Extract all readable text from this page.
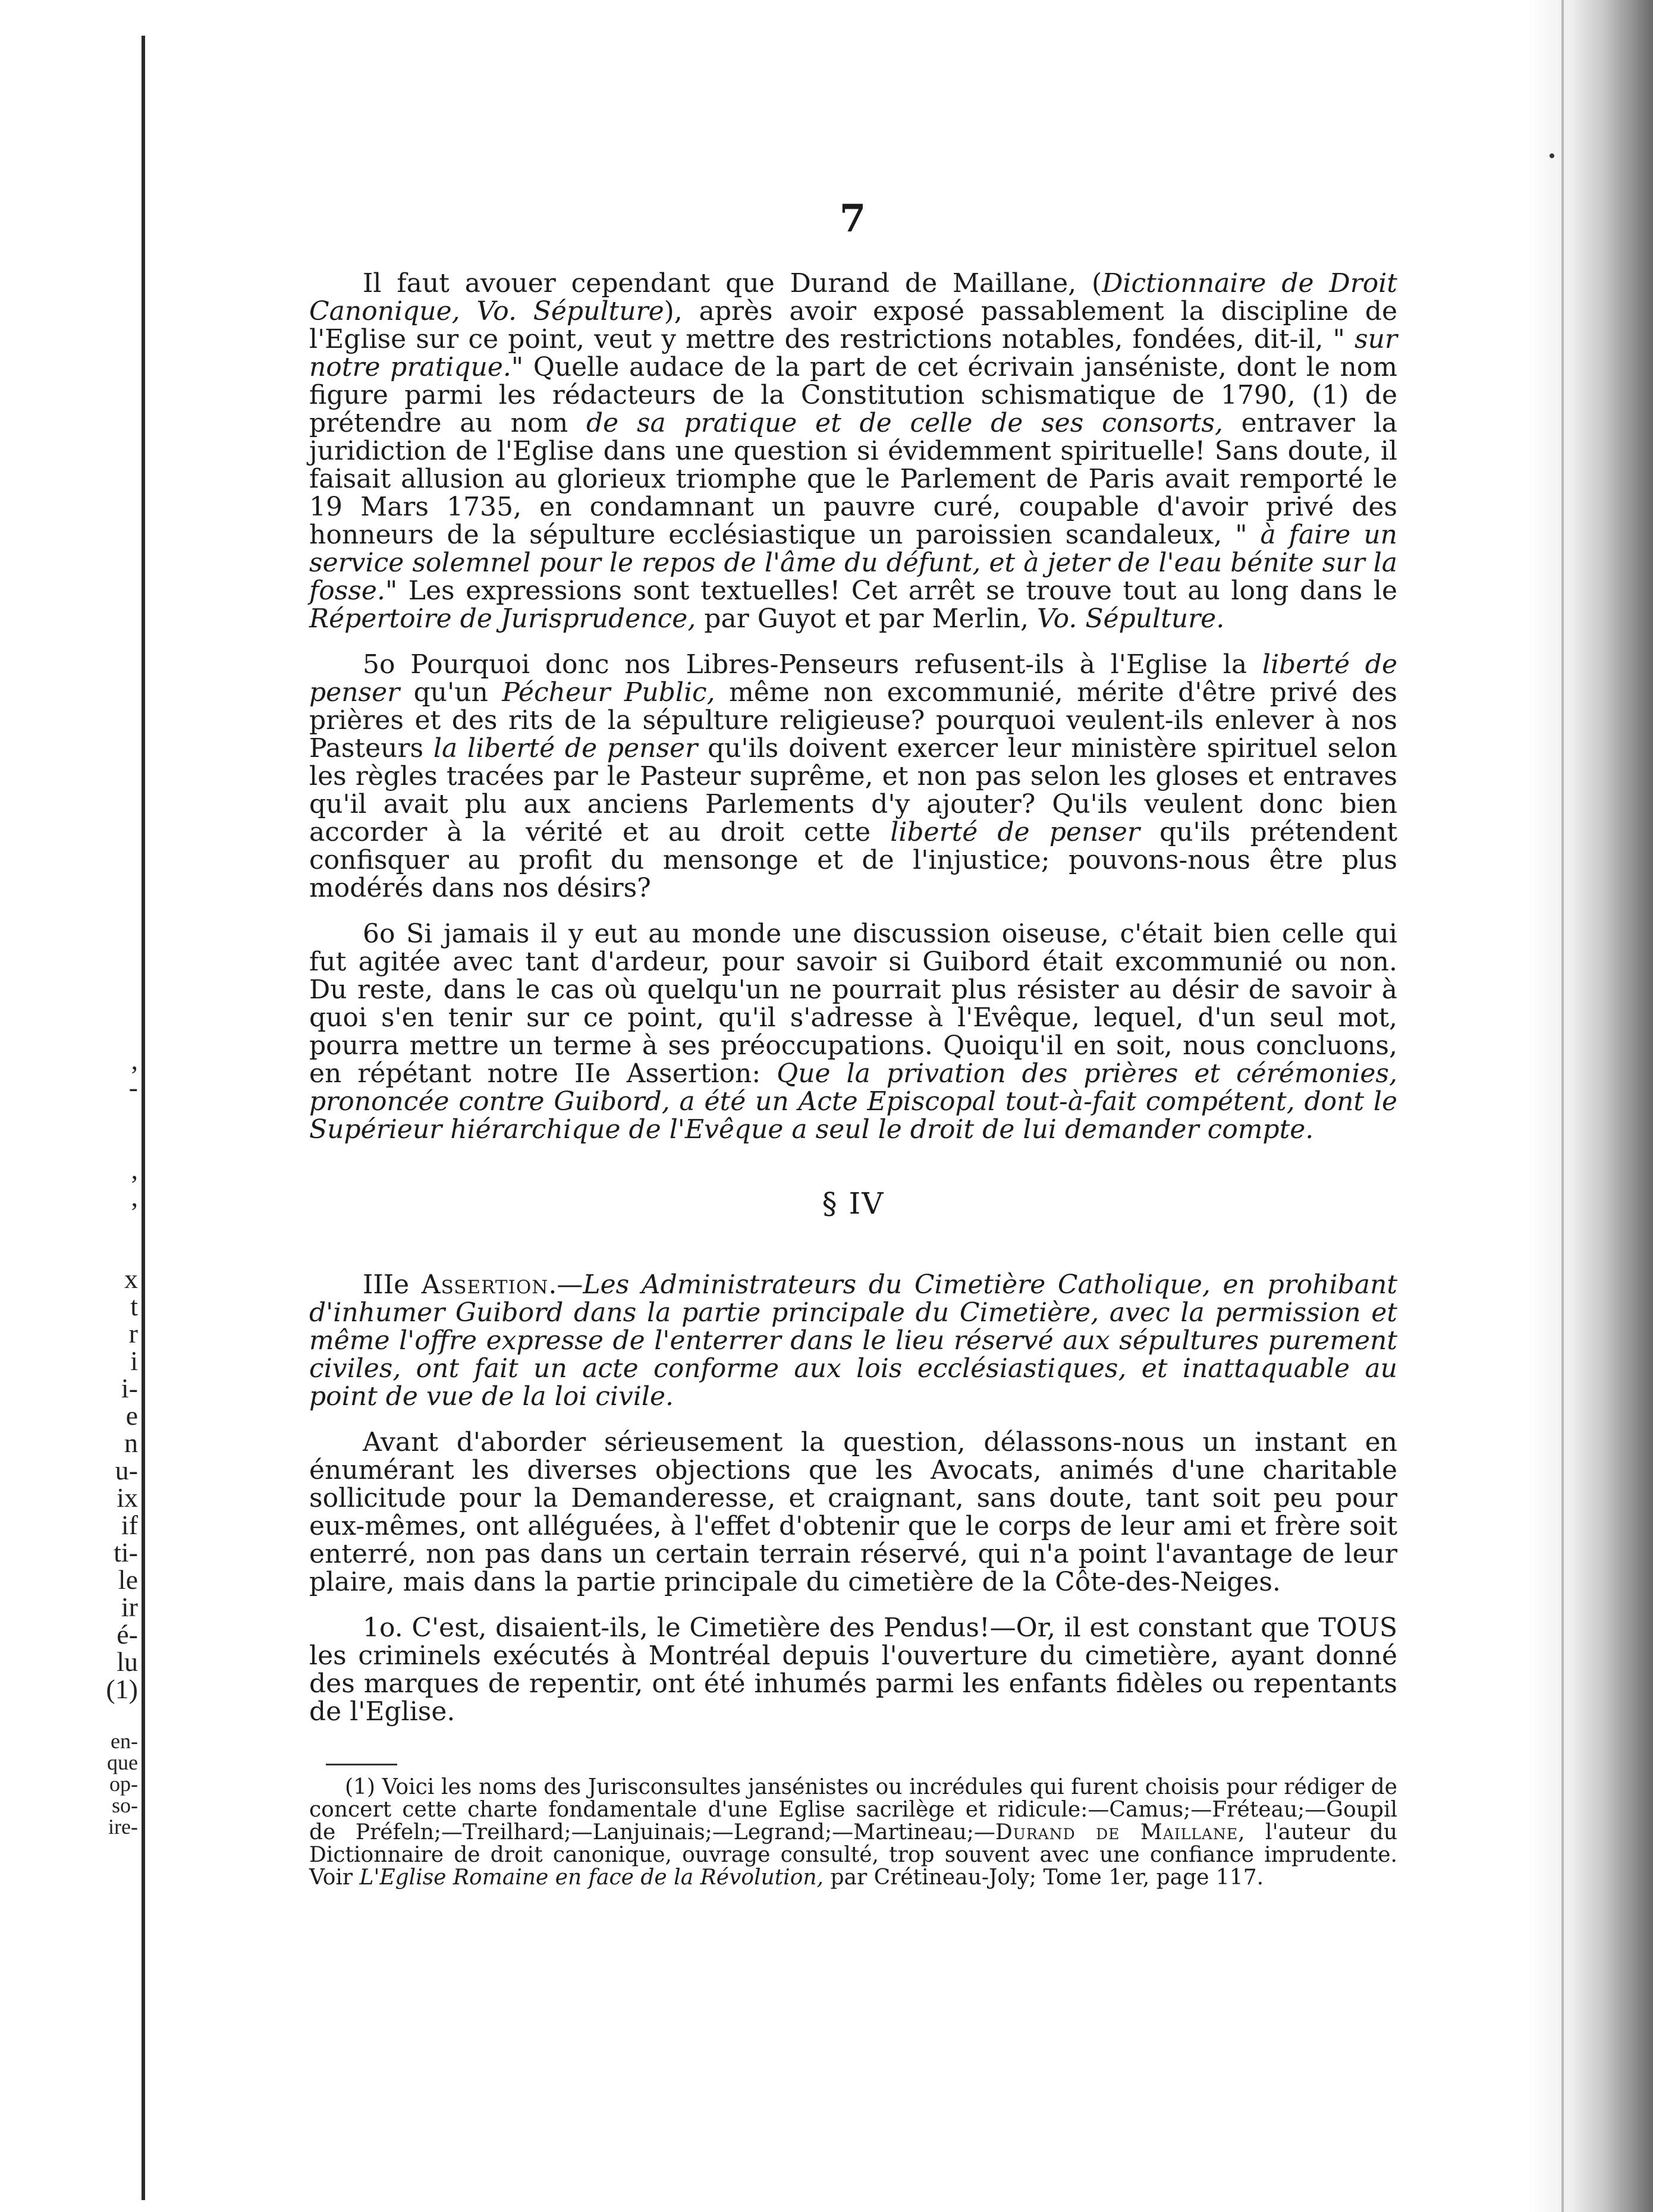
,
-

,
,

x
t
r
i
i-
e
n
u-
ix
if
ti-
le
ir
é-
lu
(1)

en-
que
op-
so-
ire-
7

Il faut avouer cependant que Durand de Maillane, (Dictionnaire de Droit Canonique, Vo. Sépulture), après avoir exposé passablement la discipline de l'Eglise sur ce point, veut y mettre des restrictions notables, fondées, dit-il, " sur notre pratique." Quelle audace de la part de cet écrivain janséniste, dont le nom figure parmi les rédacteurs de la Constitution schismatique de 1790, (1) de prétendre au nom de sa pratique et de celle de ses consorts, entraver la juridiction de l'Eglise dans une question si évidemment spirituelle! Sans doute, il faisait allusion au glorieux triomphe que le Parlement de Paris avait remporté le 19 Mars 1735, en condamnant un pauvre curé, coupable d'avoir privé des honneurs de la sépulture ecclésiastique un paroissien scandaleux, " à faire un service solemnel pour le repos de l'âme du défunt, et à jeter de l'eau bénite sur la fosse." Les expressions sont textuelles! Cet arrêt se trouve tout au long dans le Répertoire de Jurisprudence, par Guyot et par Merlin, Vo. Sépulture.

5o Pourquoi donc nos Libres-Penseurs refusent-ils à l'Eglise la liberté de penser qu'un Pécheur Public, même non excommunié, mérite d'être privé des prières et des rits de la sépulture religieuse? pourquoi veulent-ils enlever à nos Pasteurs la liberté de penser qu'ils doivent exercer leur ministère spirituel selon les règles tracées par le Pasteur suprême, et non pas selon les gloses et entraves qu'il avait plu aux anciens Parlements d'y ajouter? Qu'ils veulent donc bien accorder à la vérité et au droit cette liberté de penser qu'ils prétendent confisquer au profit du mensonge et de l'injustice; pouvons-nous être plus modérés dans nos désirs?

6o Si jamais il y eut au monde une discussion oiseuse, c'était bien celle qui fut agitée avec tant d'ardeur, pour savoir si Guibord était excommunié ou non. Du reste, dans le cas où quelqu'un ne pourrait plus résister au désir de savoir à quoi s'en tenir sur ce point, qu'il s'adresse à l'Evêque, lequel, d'un seul mot, pourra mettre un terme à ses préoccupations. Quoiqu'il en soit, nous concluons, en répétant notre IIe Assertion: Que la privation des prières et cérémonies, prononcée contre Guibord, a été un Acte Episcopal tout-à-fait compétent, dont le Supérieur hiérarchique de l'Evêque a seul le droit de lui demander compte.

§ IV

IIIe Assertion.—Les Administrateurs du Cimetière Catholique, en prohibant d'inhumer Guibord dans la partie principale du Cimetière, avec la permission et même l'offre expresse de l'enterrer dans le lieu réservé aux sépultures purement civiles, ont fait un acte conforme aux lois ecclésiastiques, et inattaquable au point de vue de la loi civile.

Avant d'aborder sérieusement la question, délassons-nous un instant en énumérant les diverses objections que les Avocats, animés d'une charitable sollicitude pour la Demanderesse, et craignant, sans doute, tant soit peu pour eux-mêmes, ont alléguées, à l'effet d'obtenir que le corps de leur ami et frère soit enterré, non pas dans un certain terrain réservé, qui n'a point l'avantage de leur plaire, mais dans la partie principale du cimetière de la Côte-des-Neiges.

1o. C'est, disaient-ils, le Cimetière des Pendus!—Or, il est constant que TOUS les criminels exécutés à Montréal depuis l'ouverture du cimetière, ayant donné des marques de repentir, ont été inhumés parmi les enfants fidèles ou repentants de l'Eglise.

(1) Voici les noms des Jurisconsultes jansénistes ou incrédules qui furent choisis pour rédiger de concert cette charte fondamentale d'une Eglise sacrilège et ridicule:—Camus;—Fréteau;—Goupil de Préfeln;—Treilhard;—Lanjuinais;—Legrand;—Martineau;—Durand de Maillane, l'auteur du Dictionnaire de droit canonique, ouvrage consulté, trop souvent avec une confiance imprudente. Voir L'Eglise Romaine en face de la Révolution, par Crétineau-Joly; Tome 1er, page 117.
